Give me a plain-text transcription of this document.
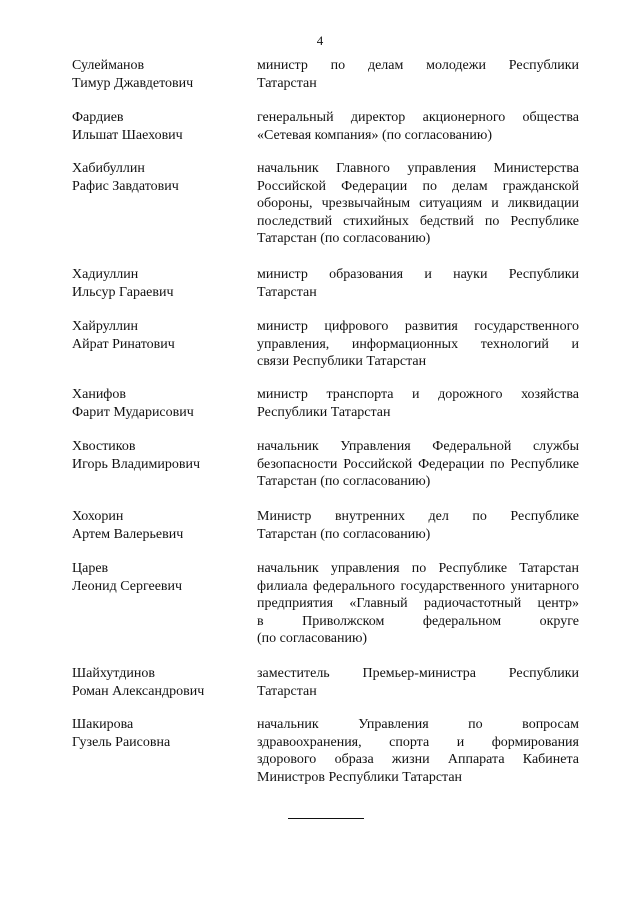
4
Сулейманов
Тимур Джавдетович
министр по делам молодежи Республики
Татарстан
Фардиев
Ильшат Шаехович
генеральный директор акционерного общества
«Сетевая компания» (по согласованию)
Хабибуллин
Рафис Завдатович
начальник Главного управления Министерства
Российской Федерации по делам гражданской
обороны, чрезвычайным ситуациям и ликвидации
последствий стихийных бедствий по Республике
Татарстан (по согласованию)
Хадиуллин
Ильсур Гараевич
министр образования и науки Республики
Татарстан
Хайруллин
Айрат Ринатович
министр цифрового развития государственного
управления, информационных технологий и
связи Республики Татарстан
Ханифов
Фарит Мударисович
министр транспорта и дорожного хозяйства
Республики Татарстан
Хвостиков
Игорь Владимирович
начальник Управления Федеральной службы
безопасности Российской Федерации по Республике
Татарстан (по согласованию)
Хохорин
Артем Валерьевич
Министр внутренних дел по Республике
Татарстан (по согласованию)
Царев
Леонид Сергеевич
начальник управления по Республике Татарстан
филиала федерального государственного унитарного
предприятия «Главный радиочастотный центр»
в Приволжском федеральном округе
(по согласованию)
Шайхутдинов
Роман Александрович
заместитель Премьер-министра Республики
Татарстан
Шакирова
Гузель Раисовна
начальник Управления по вопросам
здравоохранения, спорта и формирования
здорового образа жизни Аппарата Кабинета
Министров Республики Татарстан
